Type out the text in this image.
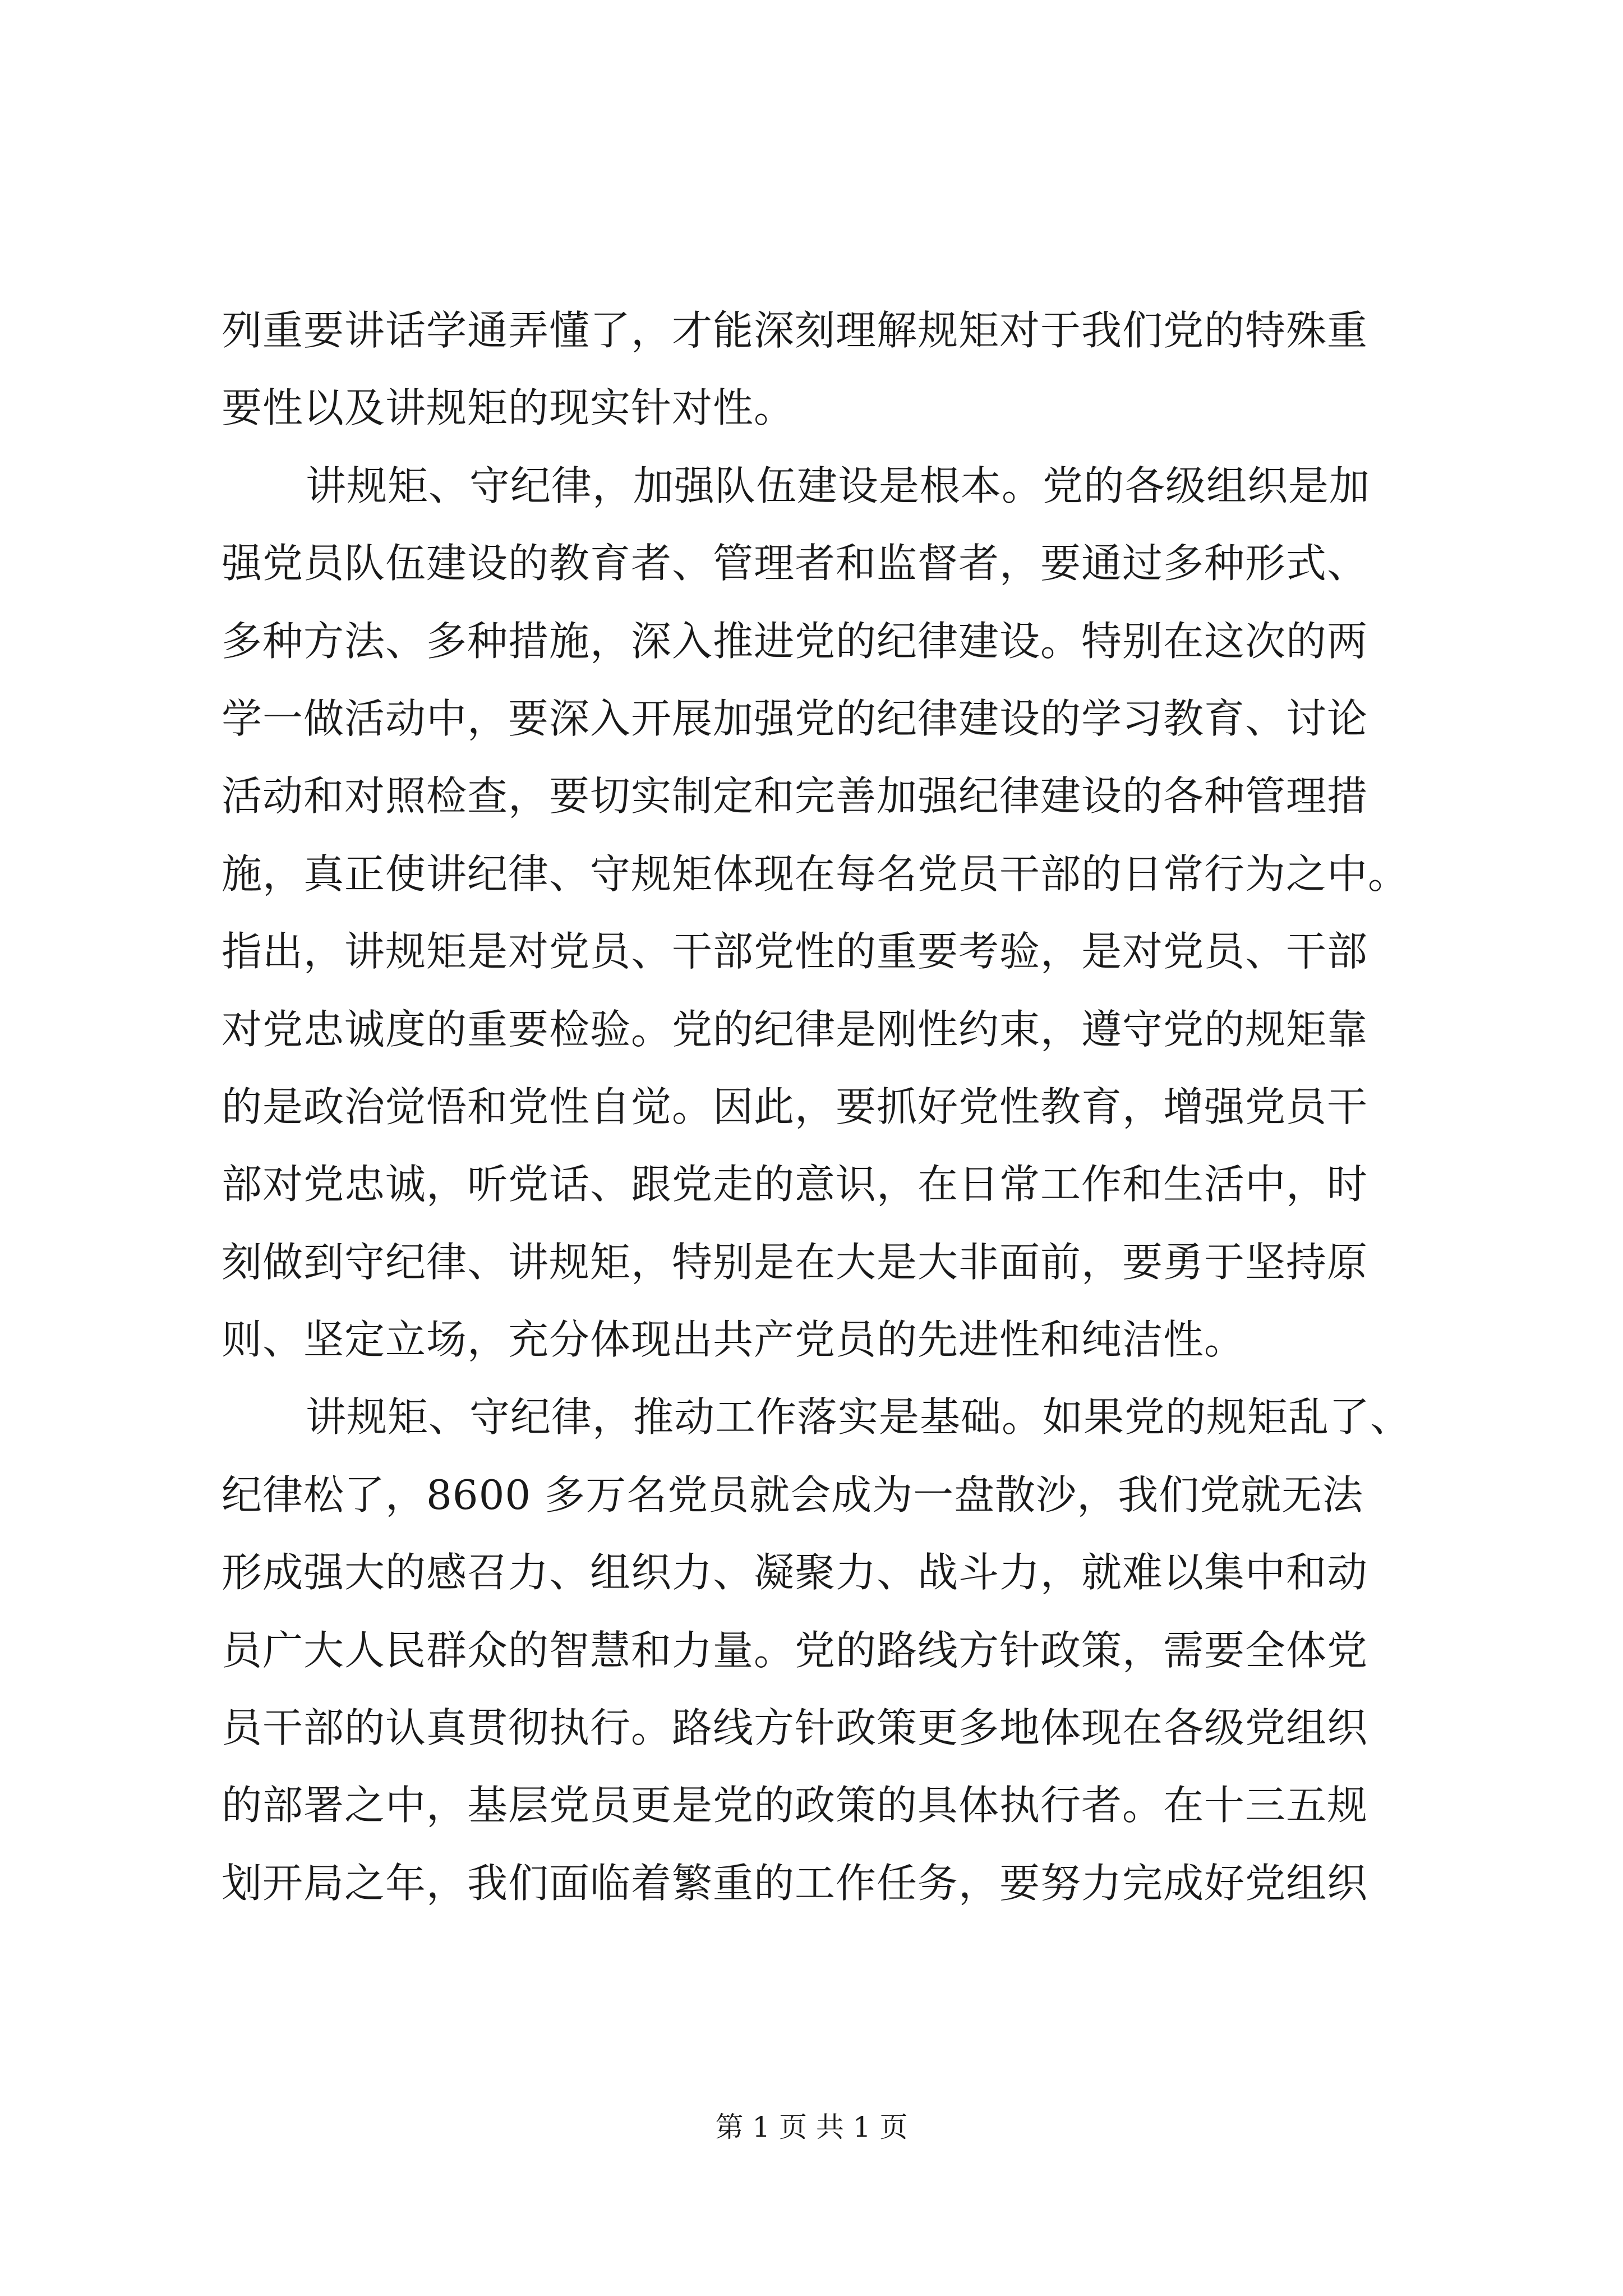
列重要讲话学通弄懂了，才能深刻理解规矩对于我们党的特殊重
要性以及讲规矩的现实针对性。
讲规矩、守纪律，加强队伍建设是根本。党的各级组织是加
强党员队伍建设的教育者、管理者和监督者，要通过多种形式、
多种方法、多种措施，深入推进党的纪律建设。特别在这次的两
学一做活动中，要深入开展加强党的纪律建设的学习教育、讨论
活动和对照检查，要切实制定和完善加强纪律建设的各种管理措
施，真正使讲纪律、守规矩体现在每名党员干部的日常行为之中。
指出，讲规矩是对党员、干部党性的重要考验，是对党员、干部
对党忠诚度的重要检验。党的纪律是刚性约束，遵守党的规矩靠
的是政治觉悟和党性自觉。因此，要抓好党性教育，增强党员干
部对党忠诚，听党话、跟党走的意识，在日常工作和生活中，时
刻做到守纪律、讲规矩，特别是在大是大非面前，要勇于坚持原
则、坚定立场，充分体现出共产党员的先进性和纯洁性。
讲规矩、守纪律，推动工作落实是基础。如果党的规矩乱了、
纪律松了，8600 多万名党员就会成为一盘散沙，我们党就无法
形成强大的感召力、组织力、凝聚力、战斗力，就难以集中和动
员广大人民群众的智慧和力量。党的路线方针政策，需要全体党
员干部的认真贯彻执行。路线方针政策更多地体现在各级党组织
的部署之中，基层党员更是党的政策的具体执行者。在十三五规
划开局之年，我们面临着繁重的工作任务，要努力完成好党组织
第 1 页 共 1 页
